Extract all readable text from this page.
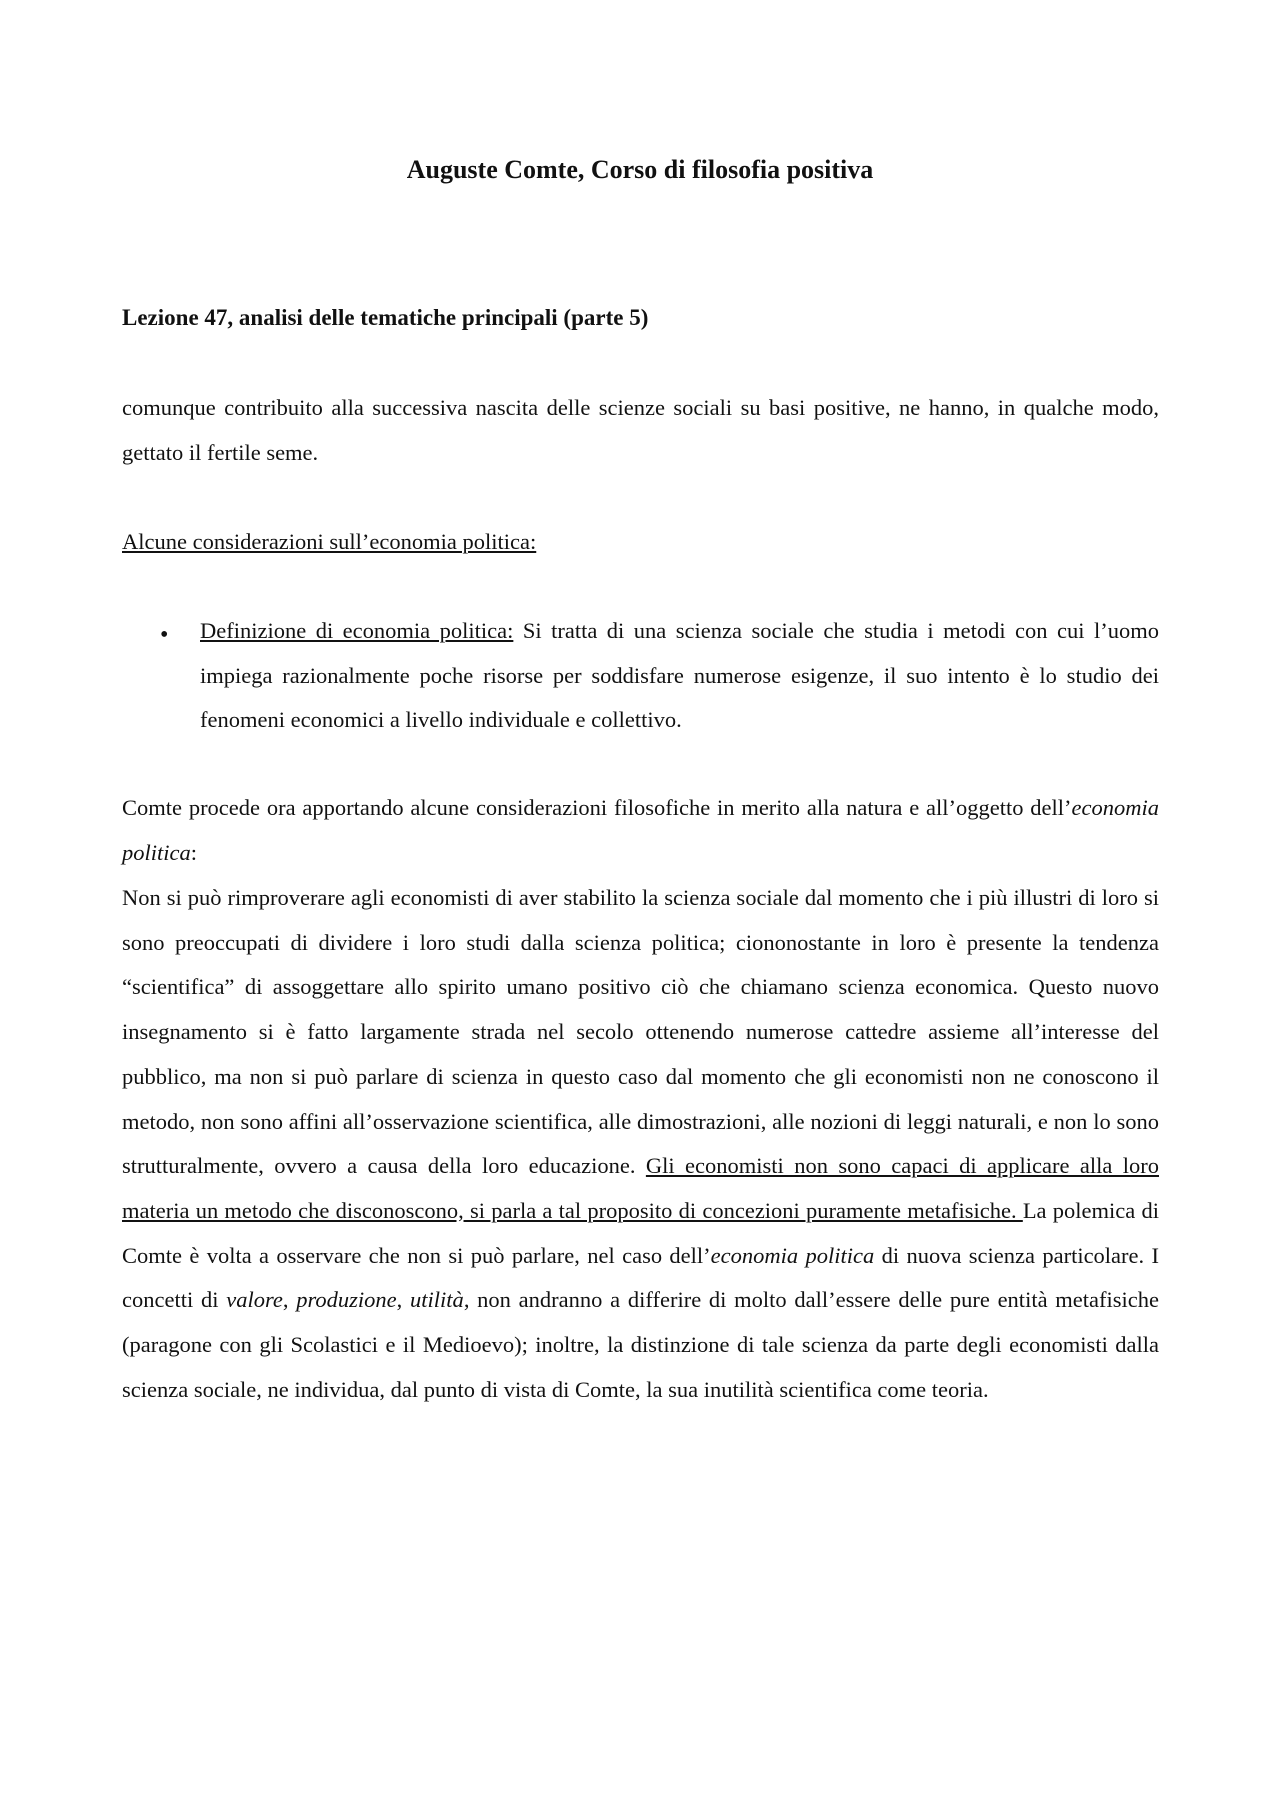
Auguste Comte, Corso di filosofia positiva
Lezione 47, analisi delle tematiche principali (parte 5)
comunque contribuito alla successiva nascita delle scienze sociali su basi positive, ne hanno, in qualche modo, gettato il fertile seme.
Alcune considerazioni sull’economia politica:
• Definizione di economia politica: Si tratta di una scienza sociale che studia i metodi con cui l’uomo impiega razionalmente poche risorse per soddisfare numerose esigenze, il suo intento è lo studio dei fenomeni economici a livello individuale e collettivo.
Comte procede ora apportando alcune considerazioni filosofiche in merito alla natura e all’oggetto dell’economia politica:
Non si può rimproverare agli economisti di aver stabilito la scienza sociale dal momento che i più illustri di loro si sono preoccupati di dividere i loro studi dalla scienza politica; ciononostante in loro è presente la tendenza “scientifica” di assoggettare allo spirito umano positivo ciò che chiamano scienza economica. Questo nuovo insegnamento si è fatto largamente strada nel secolo ottenendo numerose cattedre assieme all’interesse del pubblico, ma non si può parlare di scienza in questo caso dal momento che gli economisti non ne conoscono il metodo, non sono affini all’osservazione scientifica, alle dimostrazioni, alle nozioni di leggi naturali, e non lo sono strutturalmente, ovvero a causa della loro educazione. Gli economisti non sono capaci di applicare alla loro materia un metodo che disconoscono, si parla a tal proposito di concezioni puramente metafisiche. La polemica di Comte è volta a osservare che non si può parlare, nel caso dell’economia politica di nuova scienza particolare. I concetti di valore, produzione, utilità, non andranno a differire di molto dall’essere delle pure entità metafisiche (paragone con gli Scolastici e il Medioevo); inoltre, la distinzione di tale scienza da parte degli economisti dalla scienza sociale, ne individua, dal punto di vista di Comte, la sua inutilità scientifica come teoria.
